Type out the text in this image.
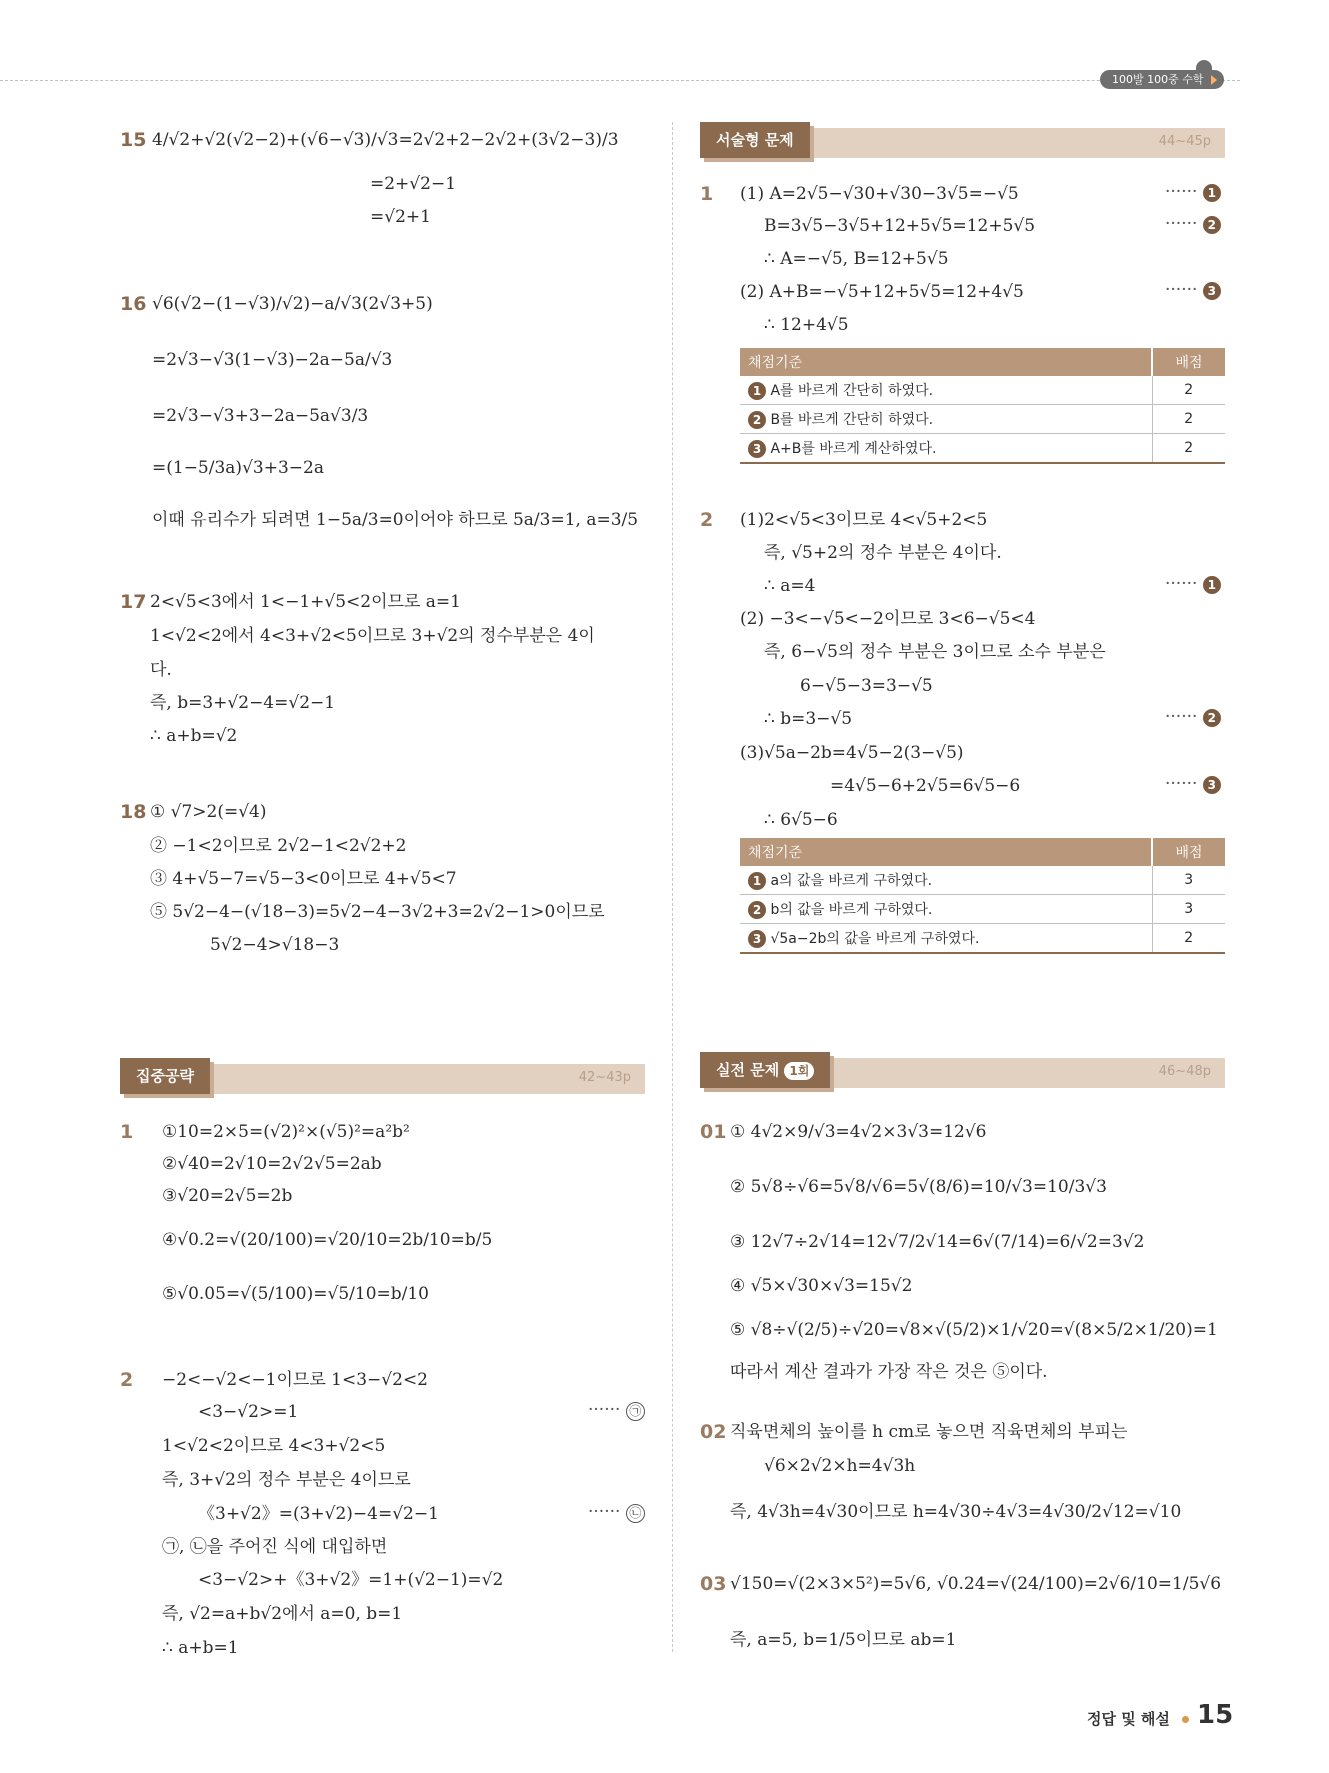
100발 100중 수학
15 4/√2+√2(√2−2)+(√6−√3)/√3=2√2+2−2√2+(3√2−3)/3
=2+√2−1
=√2+1
16 √6(√2−(1−√3)/√2)−a/√3(2√3+5)
=2√3−√3(1−√3)−2a−5a/√3
=2√3−√3+3−2a−5a√3/3
=(1−5/3a)√3+3−2a
이때 유리수가 되려면 1−5a/3=0이어야 하므로 5a/3=1, a=3/5
17 2<√5<3에서 1<−1+√5<2이므로 a=1
1<√2<2에서 4<3+√2<5이므로 3+√2의 정수부분은 4이
다.
즉, b=3+√2−4=√2−1
∴ a+b=√2
18 ① √7>2(=√4)
② −1<2이므로 2√2−1<2√2+2
③ 4+√5−7=√5−3<0이므로 4+√5<7
⑤ 5√2−4−(√18−3)=5√2−4−3√2+3=2√2−1>0이므로
5√2−4>√18−3
집중공략	42~43p
1 ①10=2×5=(√2)²×(√5)²=a²b²
②√40=2√10=2√2√5=2ab
③√20=2√5=2b
④√0.2=√(20/100)=√20/10=2b/10=b/5
⑤√0.05=√(5/100)=√5/10=b/10
2 −2<−√2<−1이므로 1<3−√2<2
<3−√2>=1	······ ㉠
1<√2<2이므로 4<3+√2<5
즉, 3+√2의 정수 부분은 4이므로
《3+√2》=(3+√2)−4=√2−1	······ ㉡
㉠, ㉡을 주어진 식에 대입하면
<3−√2>+《3+√2》=1+(√2−1)=√2
즉, √2=a+b√2에서 a=0, b=1
∴ a+b=1
서술형 문제	44~45p
1 (1) A=2√5−√30+√30−3√5=−√5	······ 1
B=3√5−3√5+12+5√5=12+5√5	······ 2
∴ A=−√5, B=12+5√5
(2) A+B=−√5+12+5√5=12+4√5	······ 3
∴ 12+4√5
채점기준	배점
1 A를 바르게 간단히 하였다.	2
2 B를 바르게 간단히 하였다.	2
3 A+B를 바르게 계산하였다.	2
2 (1)2<√5<3이므로 4<√5+2<5
즉, √5+2의 정수 부분은 4이다.
∴ a=4	······ 1
(2) −3<−√5<−2이므로 3<6−√5<4
즉, 6−√5의 정수 부분은 3이므로 소수 부분은
6−√5−3=3−√5
∴ b=3−√5	······ 2
(3)√5a−2b=4√5−2(3−√5)
=4√5−6+2√5=6√5−6	······ 3
∴ 6√5−6
채점기준	배점
1 a의 값을 바르게 구하였다.	3
2 b의 값을 바르게 구하였다.	3
3 √5a−2b의 값을 바르게 구하였다.	2
실전 문제 1회	46~48p
01 ① 4√2×9/√3=4√2×3√3=12√6
② 5√8÷√6=5√8/√6=5√(8/6)=10/√3=10/3√3
③ 12√7÷2√14=12√7/2√14=6√(7/14)=6/√2=3√2
④ √5×√30×√3=15√2
⑤ √8÷√(2/5)÷√20=√8×√(5/2)×1/√20=√(8×5/2×1/20)=1
따라서 계산 결과가 가장 작은 것은 ⑤이다.
02 직육면체의 높이를 h cm로 놓으면 직육면체의 부피는
√6×2√2×h=4√3h
즉, 4√3h=4√30이므로 h=4√30÷4√3=4√30/2√12=√10
03 √150=√(2×3×5²)=5√6, √0.24=√(24/100)=2√6/10=1/5√6
즉, a=5, b=1/5이므로 ab=1
정답 및 해설 15
